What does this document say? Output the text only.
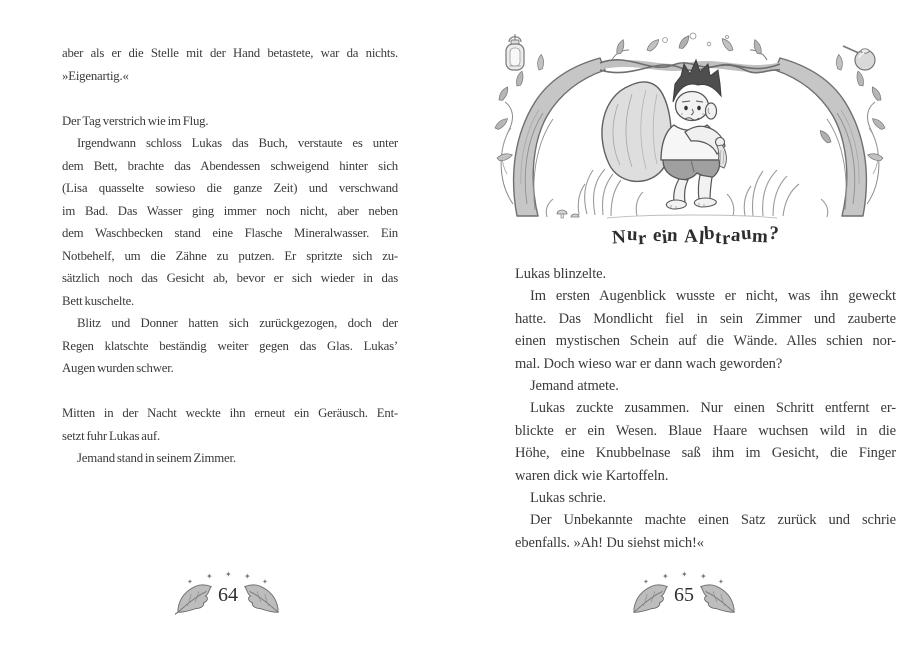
aber als er die Stelle mit der Hand betastete, war da nichts.
»Eigenartig.«
Der Tag verstrich wie im Flug.
Irgendwann schloss Lukas das Buch, verstaute es unter
dem Bett, brachte das Abendessen schweigend hinter sich
(Lisa quasselte sowieso die ganze Zeit) und verschwand
im Bad. Das Wasser ging immer noch nicht, aber neben
dem Waschbecken stand eine Flasche Mineralwasser. Ein
Notbehelf, um die Zähne zu putzen. Er spritzte sich zu-
sätzlich noch das Gesicht ab, bevor er sich wieder in das
Bett kuschelte.
Blitz und Donner hatten sich zurückgezogen, doch der
Regen klatschte beständig weiter gegen das Glas. Lukas’
Augen wurden schwer.
Mitten in der Nacht weckte ihn erneut ein Geräusch. Ent-
setzt fuhr Lukas auf.
Jemand stand in seinem Zimmer.
✦
✦ ✦ ✦
✦
64
Nur ein Albtraum?
Lukas blinzelte.
Im ersten Augenblick wusste er nicht, was ihn geweckt
hatte. Das Mondlicht fiel in sein Zimmer und zauberte
einen mystischen Schein auf die Wände. Alles schien nor-
mal. Doch wieso war er dann wach geworden?
Jemand atmete.
Lukas zuckte zusammen. Nur einen Schritt entfernt er-
blickte er ein Wesen. Blaue Haare wuchsen wild in die
Höhe, eine Knubbelnase saß ihm im Gesicht, die Finger
waren dick wie Kartoffeln.
Lukas schrie.
Der Unbekannte machte einen Satz zurück und schrie
ebenfalls. »Ah! Du siehst mich!«
✦
✦ ✦ ✦
✦
65
